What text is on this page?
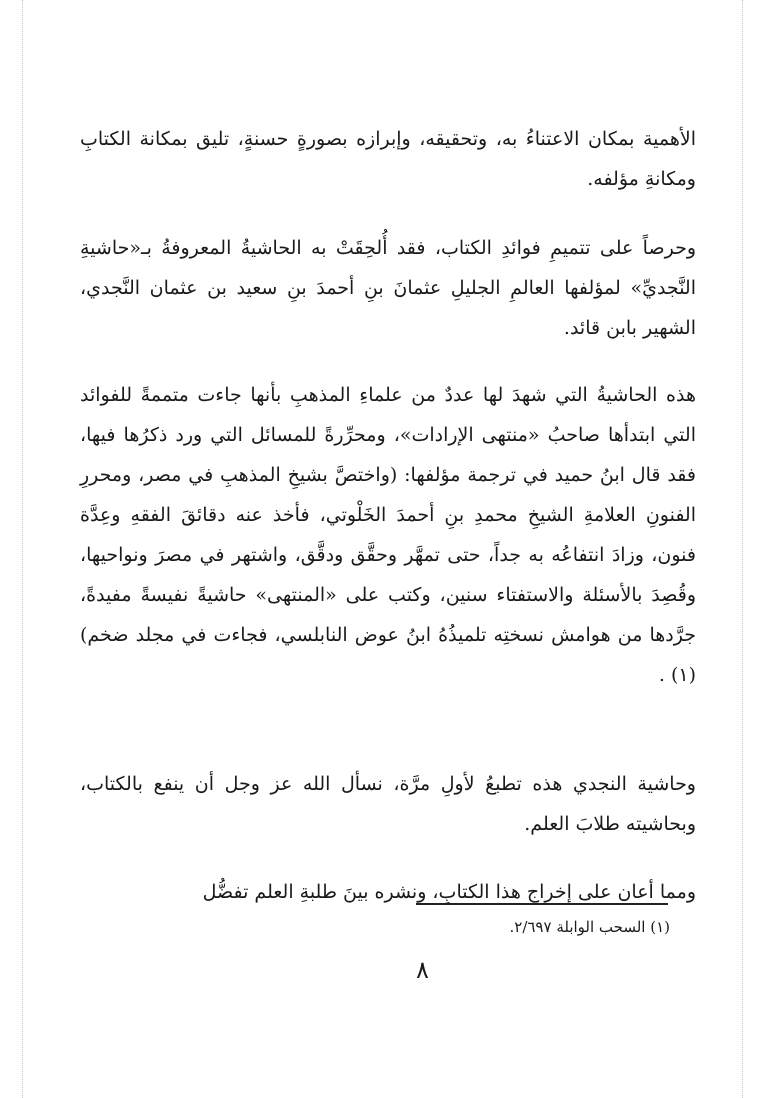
الأهمية بمكان الاعتناءُ به، وتحقيقه، وإبرازه بصورةٍ حسنةٍ، تليق بمكانة الكتابِ ومكانةِ مؤلفه.

وحرصاً على تتميمِ فوائدِ الكتاب، فقد أُلحِقَتْ به الحاشيةُ المعروفةُ بـ«حاشيةِ النَّجديِّ» لمؤلفها العالمِ الجليلِ عثمانَ بنِ أحمدَ بنِ سعيد بن عثمان النَّجدي، الشهير بابن قائد.

هذه الحاشيةُ التي شهدَ لها عددٌ من علماءِ المذهبِ بأنها جاءت متممةً للفوائد التي ابتدأها صاحبُ «منتهى الإرادات»، ومحرِّرةً للمسائل التي ورد ذكرُها فيها، فقد قال ابنُ حميد في ترجمة مؤلفها: (واختصَّ بشيخِ المذهبِ في مصر، ومحررِ الفنونِ العلامةِ الشيخِ محمدِ بنِ أحمدَ الخَلْوتي، فأخذ عنه دقائقَ الفقهِ وعِدَّة فنون، وزادَ انتفاعُه به جداً، حتى تمهَّر وحقَّق ودقَّق، واشتهر في مصرَ ونواحيها، وقُصِدَ بالأسئلة والاستفتاء سنين، وكتب على «المنتهى» حاشيةً نفيسةً مفيدةً، جرَّدها من هوامش نسختِه تلميذُهُ ابنُ عوض النابلسي، فجاءت في مجلد ضخم)(١) .

وحاشية النجدي هذه تطبعُ لأولِ مرَّة، نسأل الله عز وجل أن ينفع بالكتاب، وبحاشيته طلابَ العلم.

ومما أعان على إخراج هذا الكتابِ، ونشره بينَ طلبةِ العلم تفضُّل

(١) السحب الوابلة ٢/٦٩٧.
٨
